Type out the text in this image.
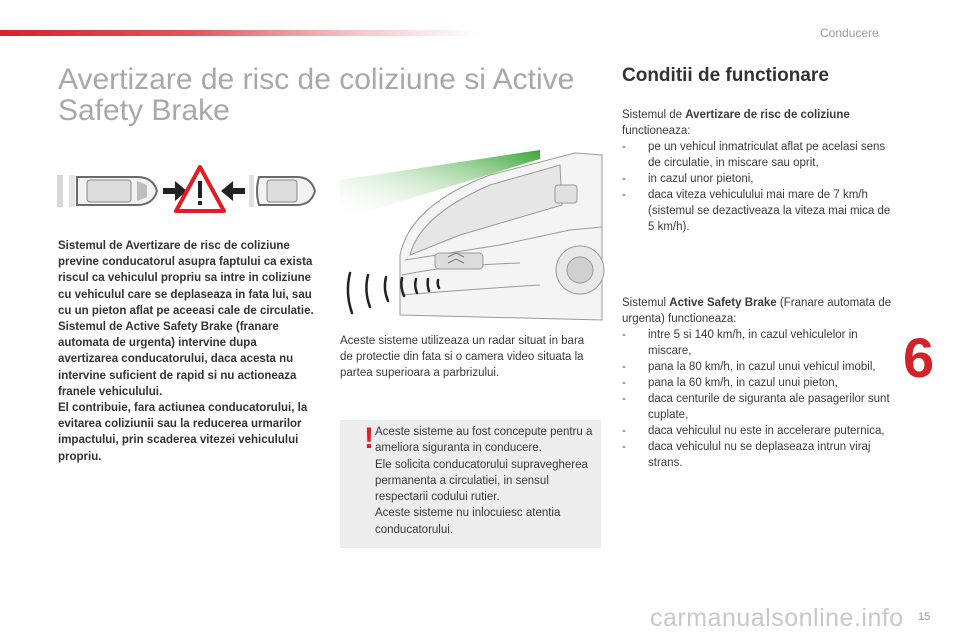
Conducere
Avertizare de risc de coliziune si Active Safety Brake

Sistemul de Avertizare de risc de coliziune previne conducatorul asupra faptului ca exista riscul ca vehiculul propriu sa intre in coliziune cu vehiculul care se deplaseaza in fata lui, sau cu un pieton aflat pe aceeasi cale de circulatie.
Sistemul de Active Safety Brake (franare automata de urgenta) intervine dupa avertizarea conducatorului, daca acesta nu intervine suficient de rapid si nu actioneaza franele vehiculului.
El contribuie, fara actiunea conducatorului, la evitarea coliziunii sau la reducerea urmarilor impactului, prin scaderea vitezei vehiculului propriu.

Aceste sisteme utilizeaza un radar situat in bara de protectie din fata si o camera video situata la partea superioara a parbrizului.

! Aceste sisteme au fost concepute pentru a ameliora siguranta in conducere.
Ele solicita conducatorului supravegherea permanenta a circulatiei, in sensul respectarii codului rutier.
Aceste sisteme nu inlocuiesc atentia conducatorului.

Conditii de functionare

Sistemul de Avertizare de risc de coliziune functioneaza:

- pe un vehicul inmatriculat aflat pe acelasi sens de circulatie, in miscare sau oprit,
- in cazul unor pietoni,
- daca viteza vehiculului mai mare de 7 km/h (sistemul se dezactiveaza la viteza mai mica de 5 km/h).

Sistemul Active Safety Brake (Franare automata de urgenta) functioneaza:

- intre 5 si 140 km/h, in cazul vehiculelor in miscare,
- pana la 80 km/h, in cazul unui vehicul imobil,
- pana la 60 km/h, in cazul unui pieton,
- daca centurile de siguranta ale pasagerilor sunt cuplate,
- daca vehiculul nu este in accelerare puternica,
- daca vehiculul nu se deplaseaza intrun viraj strans.
6
carmanualsonline.info 15
